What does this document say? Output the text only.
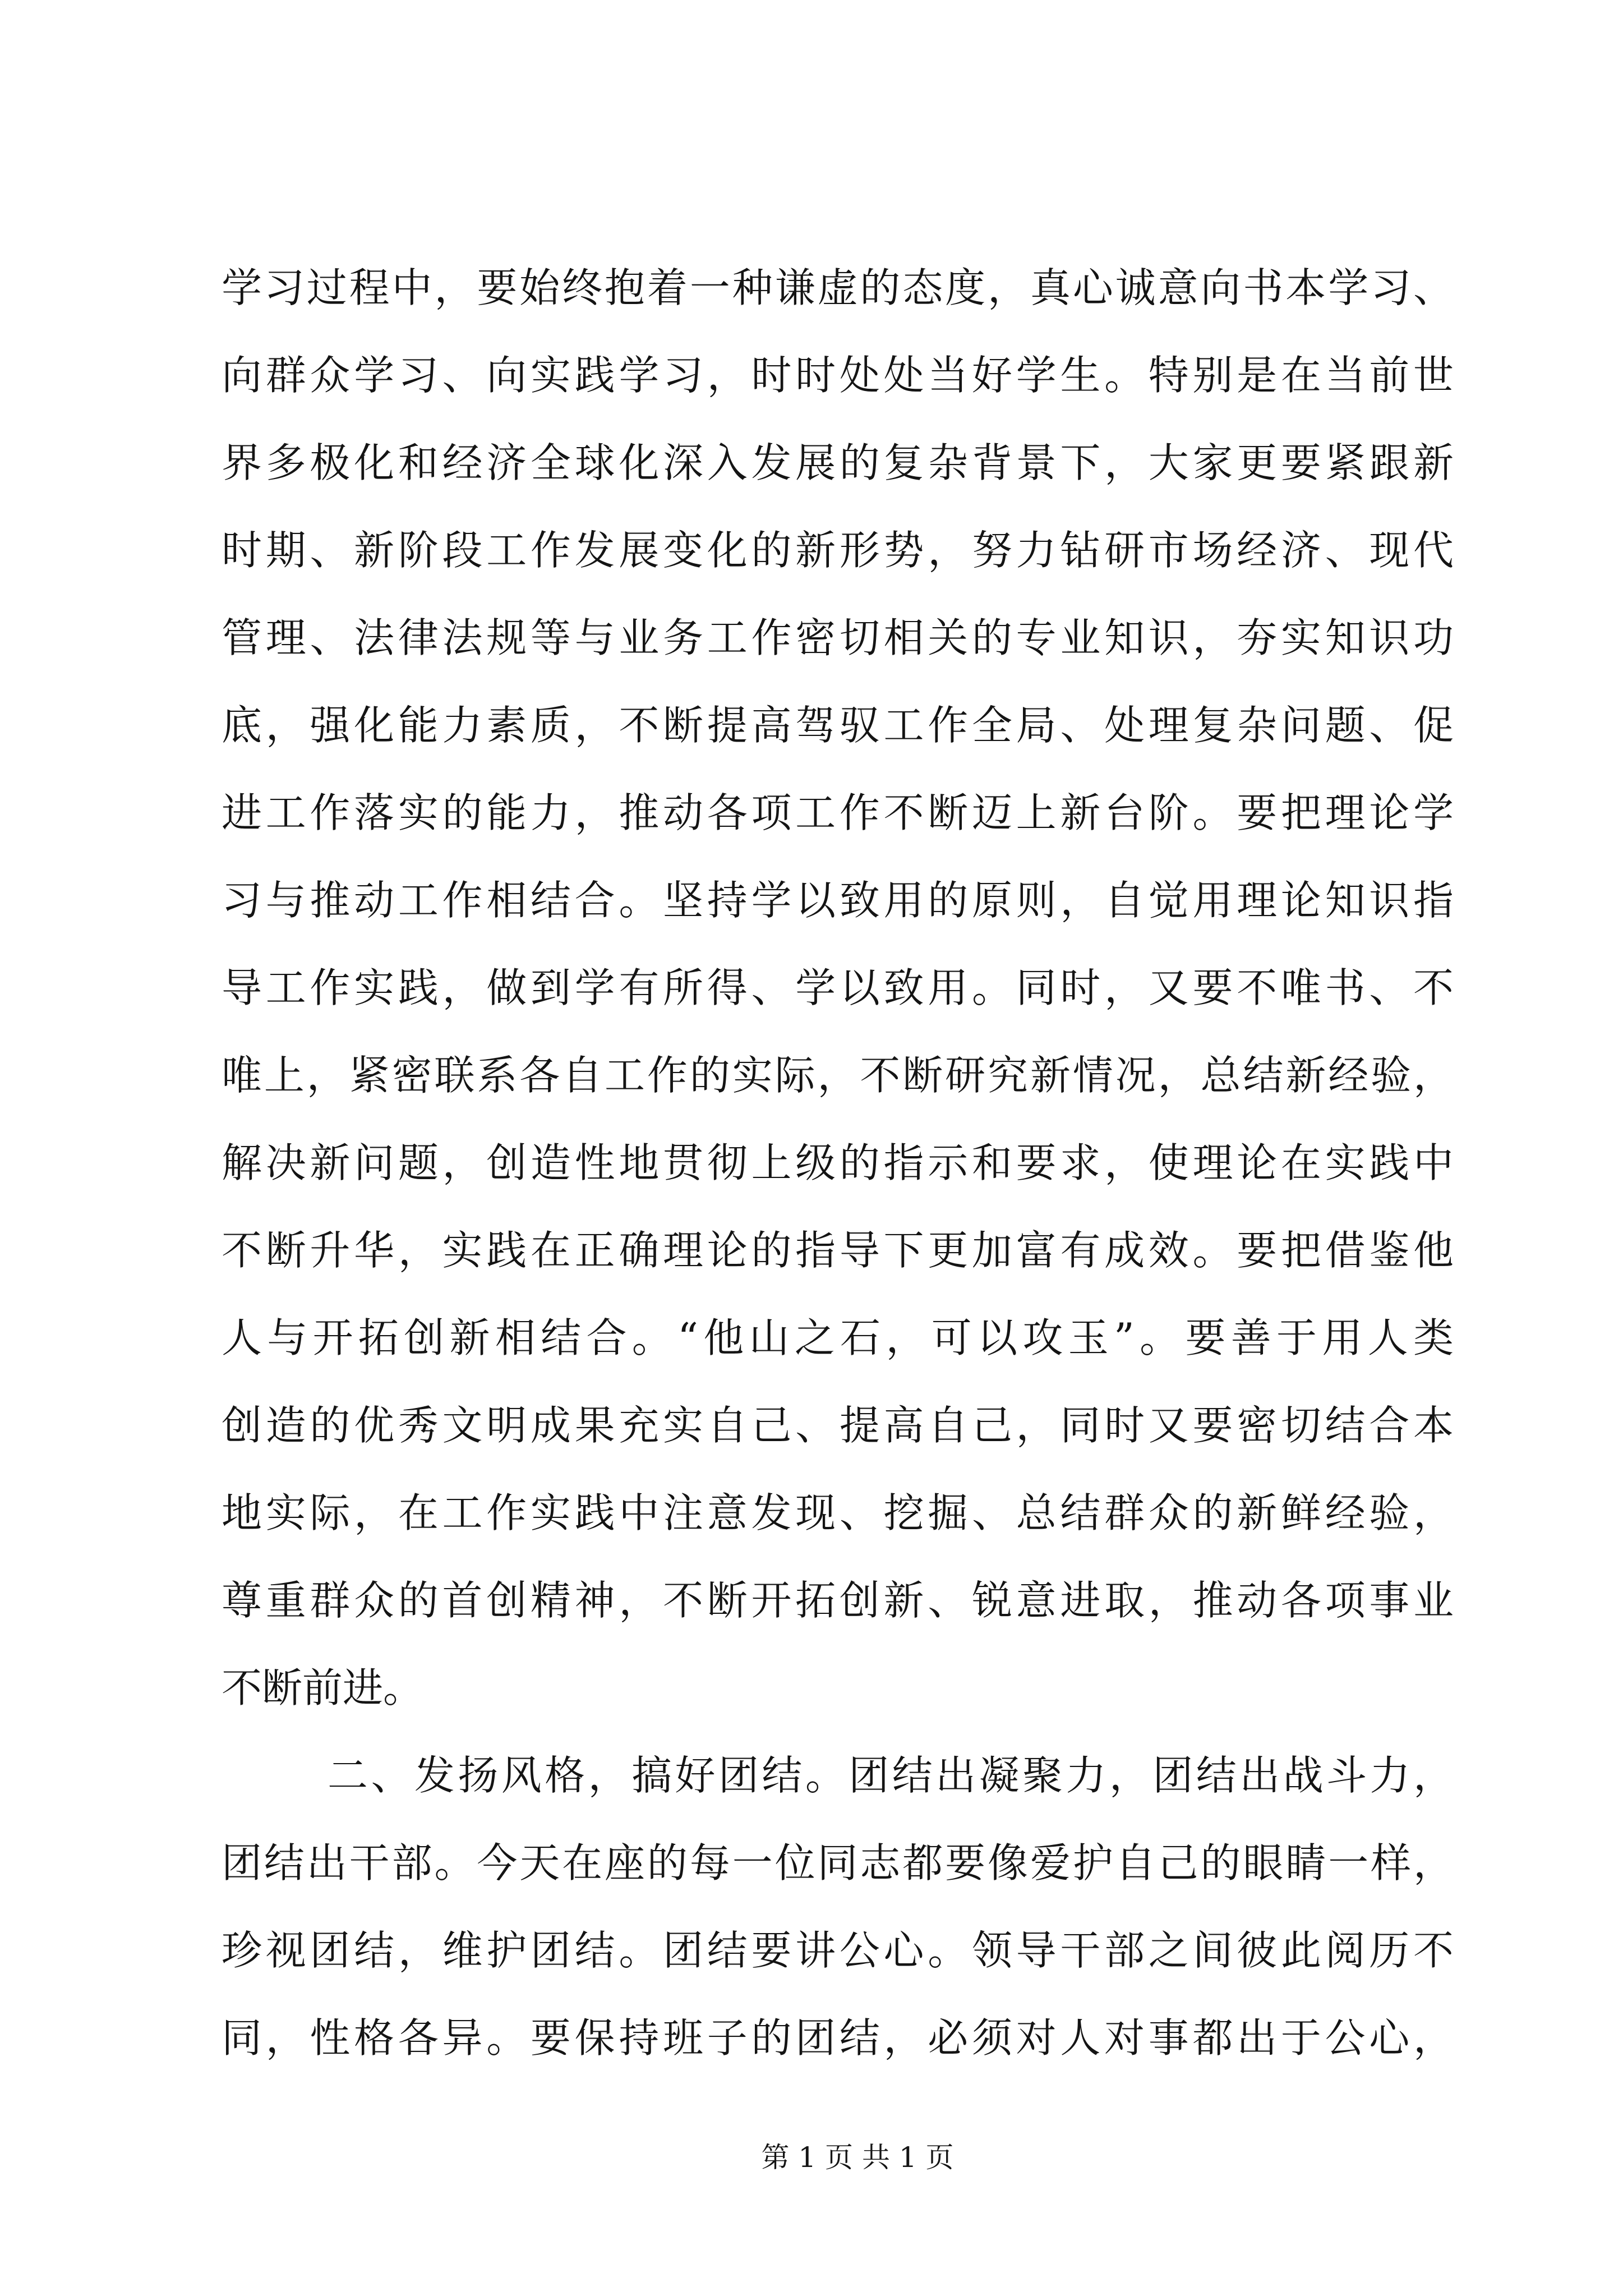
学习过程中，要始终抱着一种谦虚的态度，真心诚意向书本学习、
向群众学习、向实践学习，时时处处当好学生。特别是在当前世
界多极化和经济全球化深入发展的复杂背景下，大家更要紧跟新
时期、新阶段工作发展变化的新形势，努力钻研市场经济、现代
管理、法律法规等与业务工作密切相关的专业知识，夯实知识功
底，强化能力素质，不断提高驾驭工作全局、处理复杂问题、促
进工作落实的能力，推动各项工作不断迈上新台阶。要把理论学
习与推动工作相结合。坚持学以致用的原则，自觉用理论知识指
导工作实践，做到学有所得、学以致用。同时，又要不唯书、不
唯上，紧密联系各自工作的实际，不断研究新情况，总结新经验，
解决新问题，创造性地贯彻上级的指示和要求，使理论在实践中
不断升华，实践在正确理论的指导下更加富有成效。要把借鉴他
人与开拓创新相结合。“他山之石，可以攻玉”。要善于用人类
创造的优秀文明成果充实自己、提高自己，同时又要密切结合本
地实际，在工作实践中注意发现、挖掘、总结群众的新鲜经验，
尊重群众的首创精神，不断开拓创新、锐意进取，推动各项事业
不断前进。
二、发扬风格，搞好团结。团结出凝聚力，团结出战斗力，
团结出干部。今天在座的每一位同志都要像爱护自己的眼睛一样，
珍视团结，维护团结。团结要讲公心。领导干部之间彼此阅历不
同，性格各异。要保持班子的团结，必须对人对事都出于公心，
第 1 页 共 1 页
